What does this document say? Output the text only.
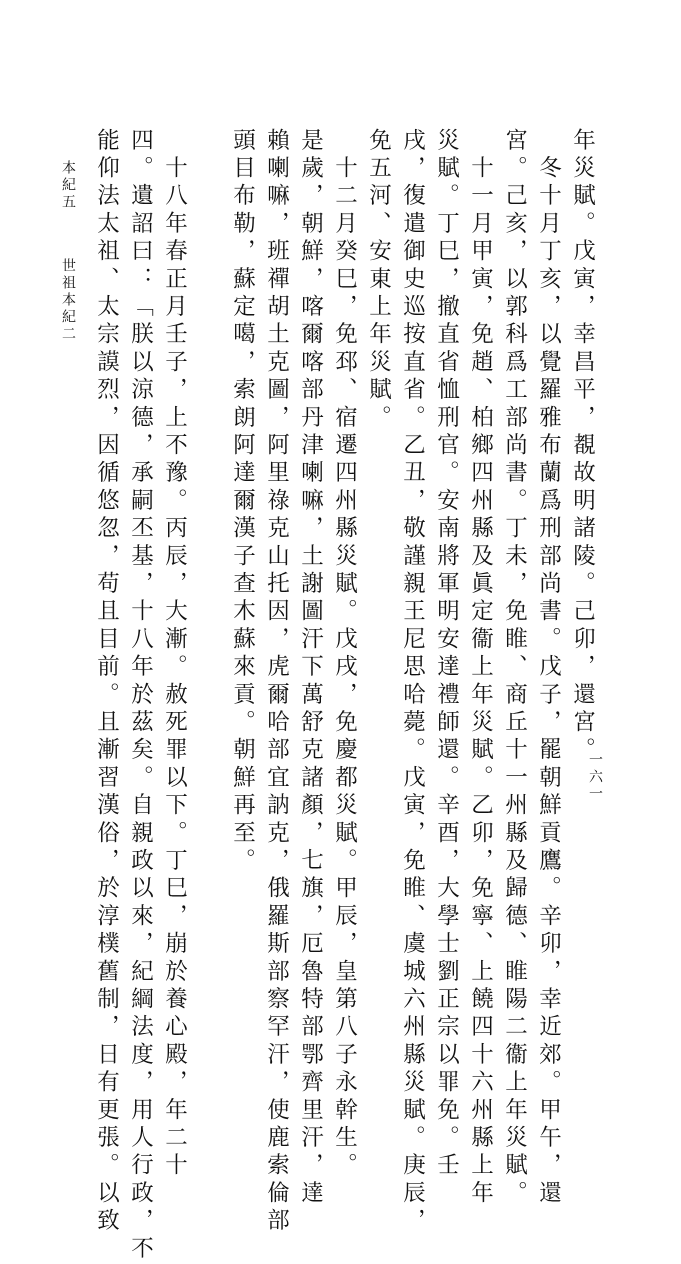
年災賦。戊寅，幸昌平，覩故明諸陵。己卯，還宮。
　冬十月丁亥，以覺羅雅布蘭爲刑部尚書。戊子，罷朝鮮貢鷹。辛卯，幸近郊。甲午，還
宮。己亥，以郭科爲工部尚書。丁未，免睢、商丘十一州縣及歸德、睢陽二衞上年災賦。
　十一月甲寅，免趙、柏鄉四州縣及眞定衞上年災賦。乙卯，免寧、上饒四十六州縣上年
災賦。丁巳，撤直省恤刑官。安南將軍明安達禮師還。辛酉，大學士劉正宗以罪免。壬
戌，復遣御史巡按直省。乙丑，敬謹親王尼思哈薨。戊寅，免睢、虞城六州縣災賦。庚辰，
免五河、安東上年災賦。
　十二月癸巳，免邳、宿遷四州縣災賦。戊戌，免慶都災賦。甲辰，皇第八子永幹生。
是歲，朝鮮，喀爾喀部丹津喇嘛，土謝圖汗下萬舒克諸顏，七旗，厄魯特部鄂齊里汗，達
賴喇嘛，班禪胡土克圖，阿里祿克山托因，虎爾哈部宜訥克，俄羅斯部察罕汗，使鹿索倫部
頭目布勒，蘇定噶，索朗阿達爾漢子查木蘇來貢。朝鮮再至。
　十八年春正月壬子，上不豫。丙辰，大漸。赦死罪以下。丁巳，崩於養心殿，年二十
四。遺詔曰：「朕以涼德，承嗣丕基，十八年於茲矣。自親政以來，紀綱法度，用人行政，不
能仰法太祖、太宗謨烈，因循悠忽，苟且目前。且漸習漢俗，於淳樸舊制，日有更張。以致
本紀五
世祖本紀二
一六一
